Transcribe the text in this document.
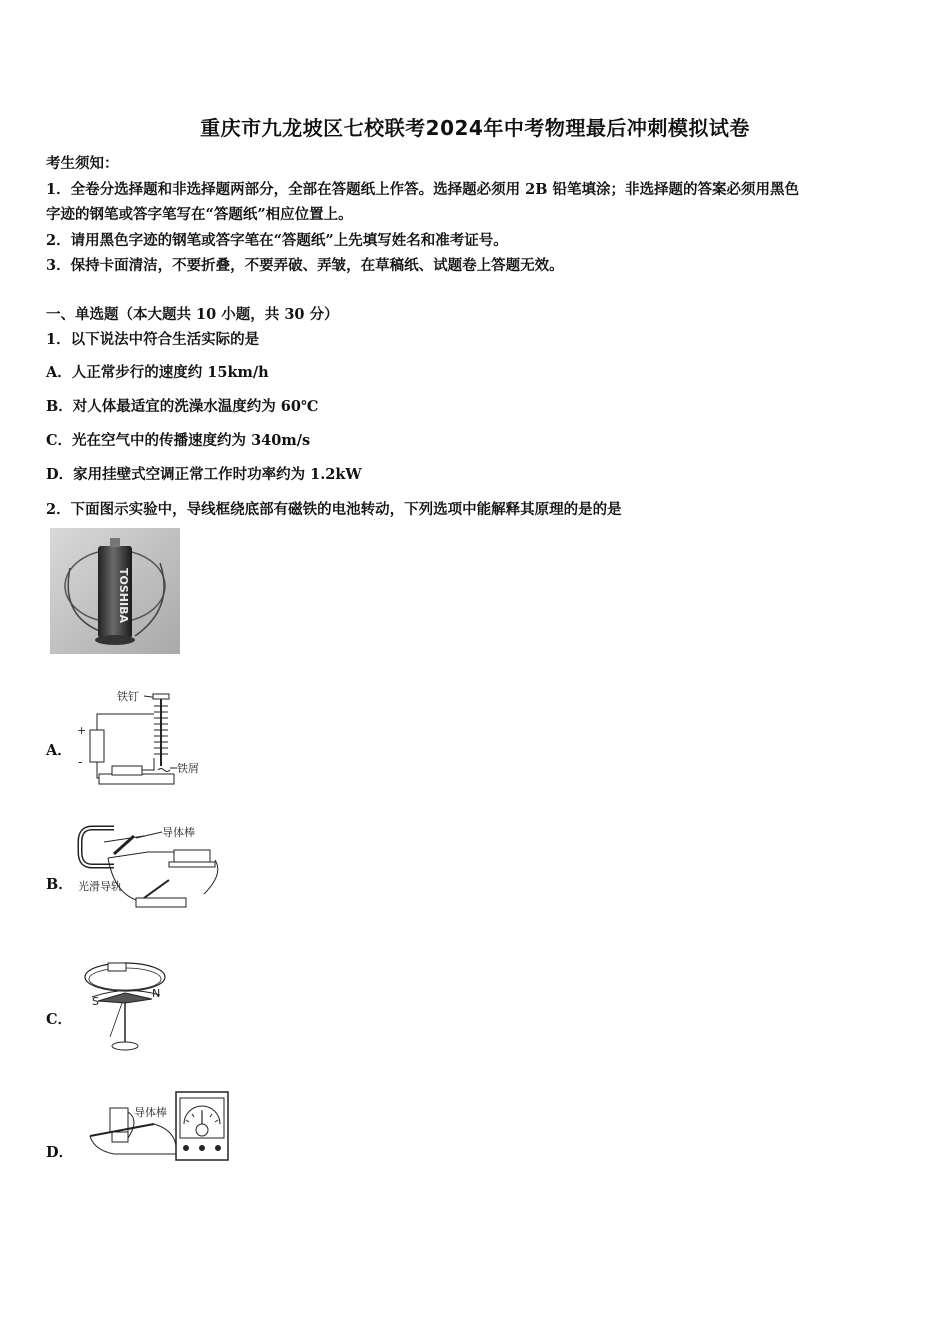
重庆市九龙坡区七校联考2024年中考物理最后冲刺模拟试卷
考生须知：
1．全卷分选择题和非选择题两部分，全部在答题纸上作答。选择题必须用 2B 铅笔填涂；非选择题的答案必须用黑色
字迹的钢笔或答字笔写在“答题纸”相应位置上。
2．请用黑色字迹的钢笔或答字笔在“答题纸”上先填写姓名和准考证号。
3．保持卡面清洁，不要折叠，不要弄破、弄皱，在草稿纸、试题卷上答题无效。
一、单选题（本大题共 10 小题，共 30 分）
1．以下说法中符合生活实际的是
A．人正常步行的速度约 15km/h
B．对人体最适宜的洗澡水温度约为 60℃
C．光在空气中的传播速度约为 340m/s
D．家用挂壁式空调正常工作时功率约为 1.2kW
2．下面图示实验中，导线框绕底部有磁铁的电池转动，下列选项中能解释其原理的是的是
TOSHIBA
A．
铁钉
+
-	铁屑
B．
导体棒
光滑导轨
C．
S
N
D．
导体棒
